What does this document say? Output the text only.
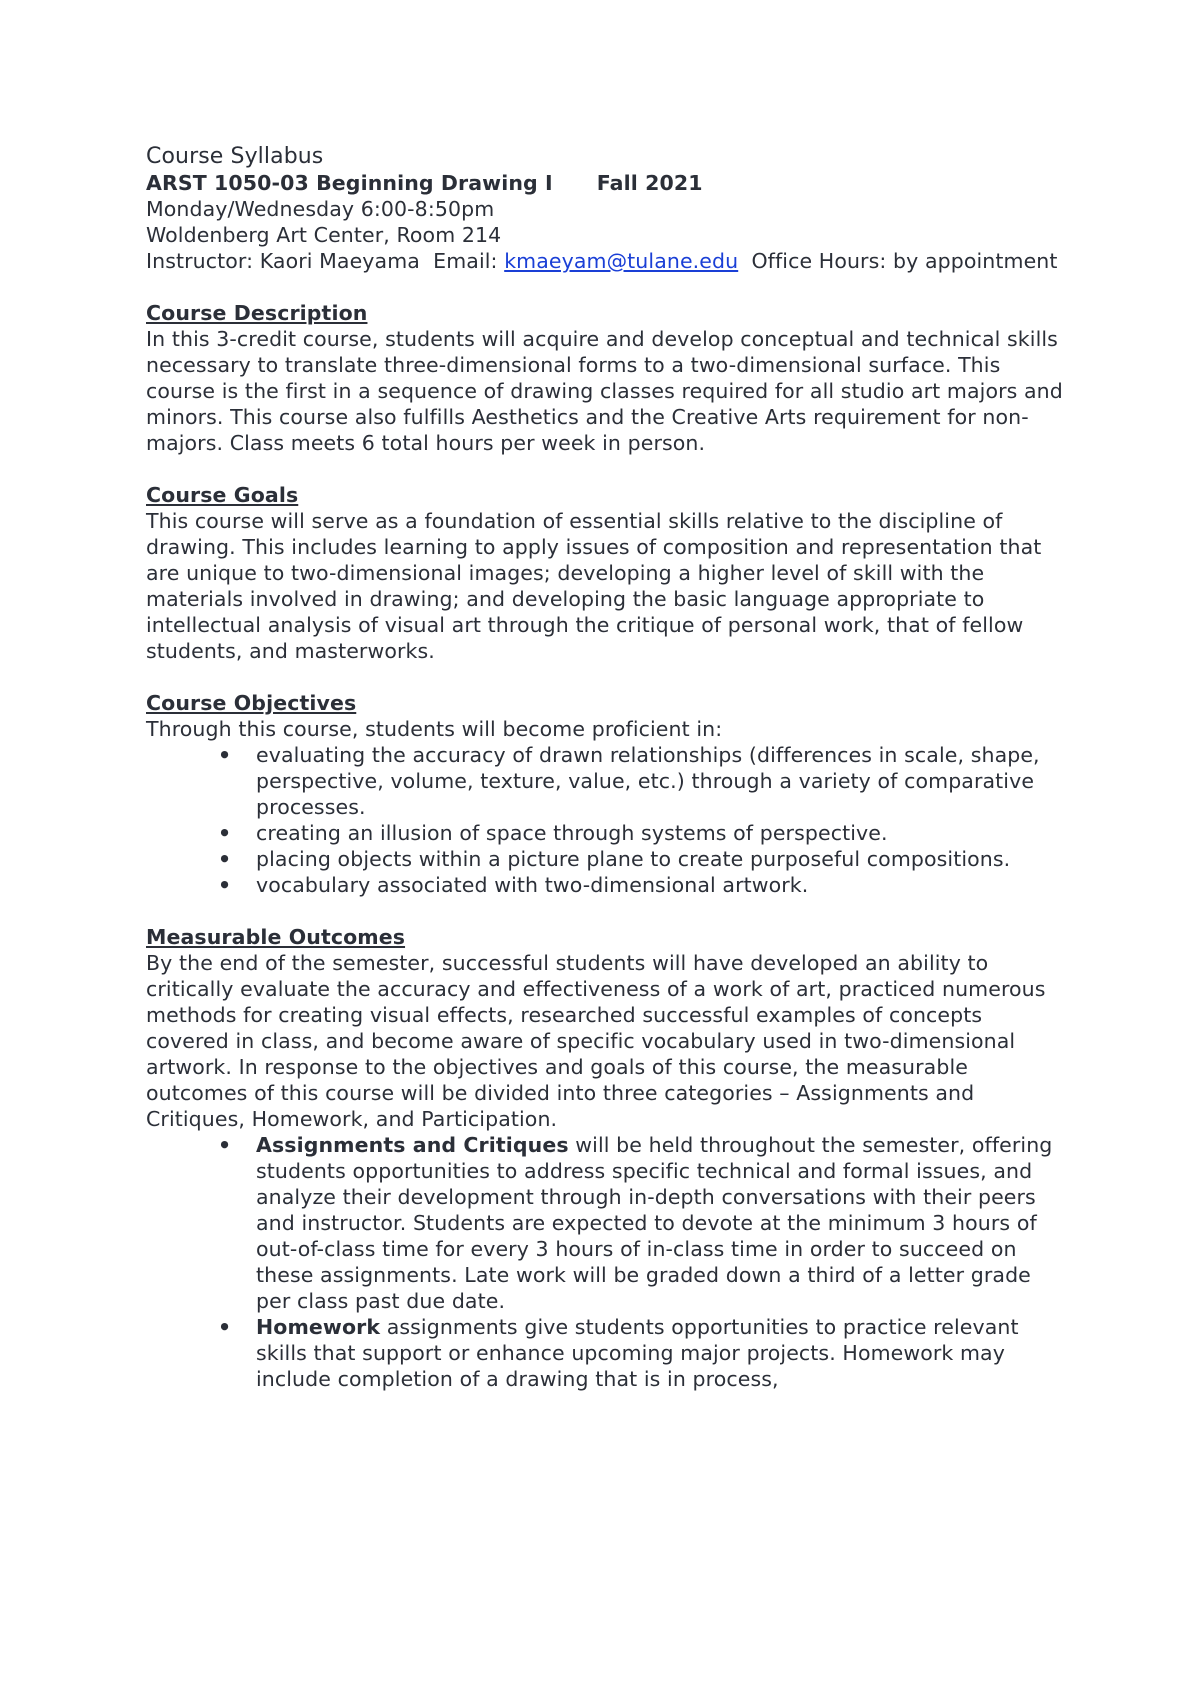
Course Syllabus

ARST 1050-03 Beginning Drawing I Fall 2021

Monday/Wednesday 6:00-8:50pm

Woldenberg Art Center, Room 214

Instructor: Kaori Maeyama Email: kmaeyam@tulane.edu Office Hours: by appointment

Course Description

In this 3-credit course, students will acquire and develop conceptual and technical skills necessary to translate three-dimensional forms to a two-dimensional surface. This course is the first in a sequence of drawing classes required for all studio art majors and minors. This course also fulfills Aesthetics and the Creative Arts requirement for non-majors. Class meets 6 total hours per week in person.

Course Goals

This course will serve as a foundation of essential skills relative to the discipline of drawing. This includes learning to apply issues of composition and representation that are unique to two-dimensional images; developing a higher level of skill with the materials involved in drawing; and developing the basic language appropriate to intellectual analysis of visual art through the critique of personal work, that of fellow students, and masterworks.

Course Objectives

Through this course, students will become proficient in:

• evaluating the accuracy of drawn relationships (differences in scale, shape, perspective, volume, texture, value, etc.) through a variety of comparative processes.
• creating an illusion of space through systems of perspective.
• placing objects within a picture plane to create purposeful compositions.
• vocabulary associated with two-dimensional artwork.

Measurable Outcomes

By the end of the semester, successful students will have developed an ability to critically evaluate the accuracy and effectiveness of a work of art, practiced numerous methods for creating visual effects, researched successful examples of concepts covered in class, and become aware of specific vocabulary used in two-dimensional artwork. In response to the objectives and goals of this course, the measurable outcomes of this course will be divided into three categories – Assignments and Critiques, Homework, and Participation.

• Assignments and Critiques will be held throughout the semester, offering students opportunities to address specific technical and formal issues, and analyze their development through in-depth conversations with their peers and instructor. Students are expected to devote at the minimum 3 hours of out-of-class time for every 3 hours of in-class time in order to succeed on these assignments. Late work will be graded down a third of a letter grade per class past due date.
• Homework assignments give students opportunities to practice relevant skills that support or enhance upcoming major projects. Homework may include completion of a drawing that is in process,
